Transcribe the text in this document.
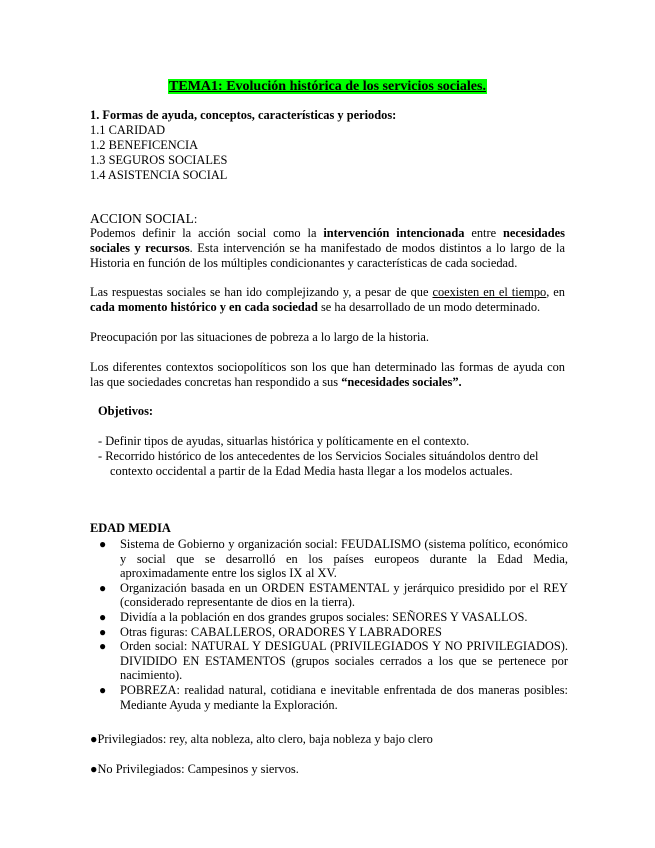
TEMA1: Evolución histórica de los servicios sociales.
1. Formas de ayuda, conceptos, características y periodos:
1.1 CARIDAD
1.2 BENEFICENCIA
1.3 SEGUROS SOCIALES
1.4 ASISTENCIA SOCIAL
ACCION SOCIAL:
Podemos definir la acción social como la intervención intencionada entre necesidades sociales y recursos. Esta intervención se ha manifestado de modos distintos a lo largo de la Historia en función de los múltiples condicionantes y características de cada sociedad.
Las respuestas sociales se han ido complejizando y, a pesar de que coexisten en el tiempo, en cada momento histórico y en cada sociedad se ha desarrollado de un modo determinado.
Preocupación por las situaciones de pobreza a lo largo de la historia.
Los diferentes contextos sociopolíticos son los que han determinado las formas de ayuda con las que sociedades concretas han respondido a sus “necesidades sociales”.
Objetivos:
- Definir tipos de ayudas, situarlas histórica y políticamente en el contexto.
- Recorrido histórico de los antecedentes de los Servicios Sociales situándolos dentro del
contexto occidental a partir de la Edad Media hasta llegar a los modelos actuales.
EDAD MEDIA
● Sistema de Gobierno y organización social: FEUDALISMO (sistema político, económico y social que se desarrolló en los países europeos durante la Edad Media, aproximadamente entre los siglos IX al XV.
● Organización basada en un ORDEN ESTAMENTAL y jerárquico presidido por el REY (considerado representante de dios en la tierra).
● Dividía a la población en dos grandes grupos sociales: SEÑORES Y VASALLOS.
● Otras figuras: CABALLEROS, ORADORES Y LABRADORES
● Orden social: NATURAL Y DESIGUAL (PRIVILEGIADOS Y NO PRIVILEGIADOS). DIVIDIDO EN ESTAMENTOS (grupos sociales cerrados a los que se pertenece por nacimiento).
● POBREZA: realidad natural, cotidiana e inevitable enfrentada de dos maneras posibles: Mediante Ayuda y mediante la Exploración.
●Privilegiados: rey, alta nobleza, alto clero, baja nobleza y bajo clero
●No Privilegiados: Campesinos y siervos.
